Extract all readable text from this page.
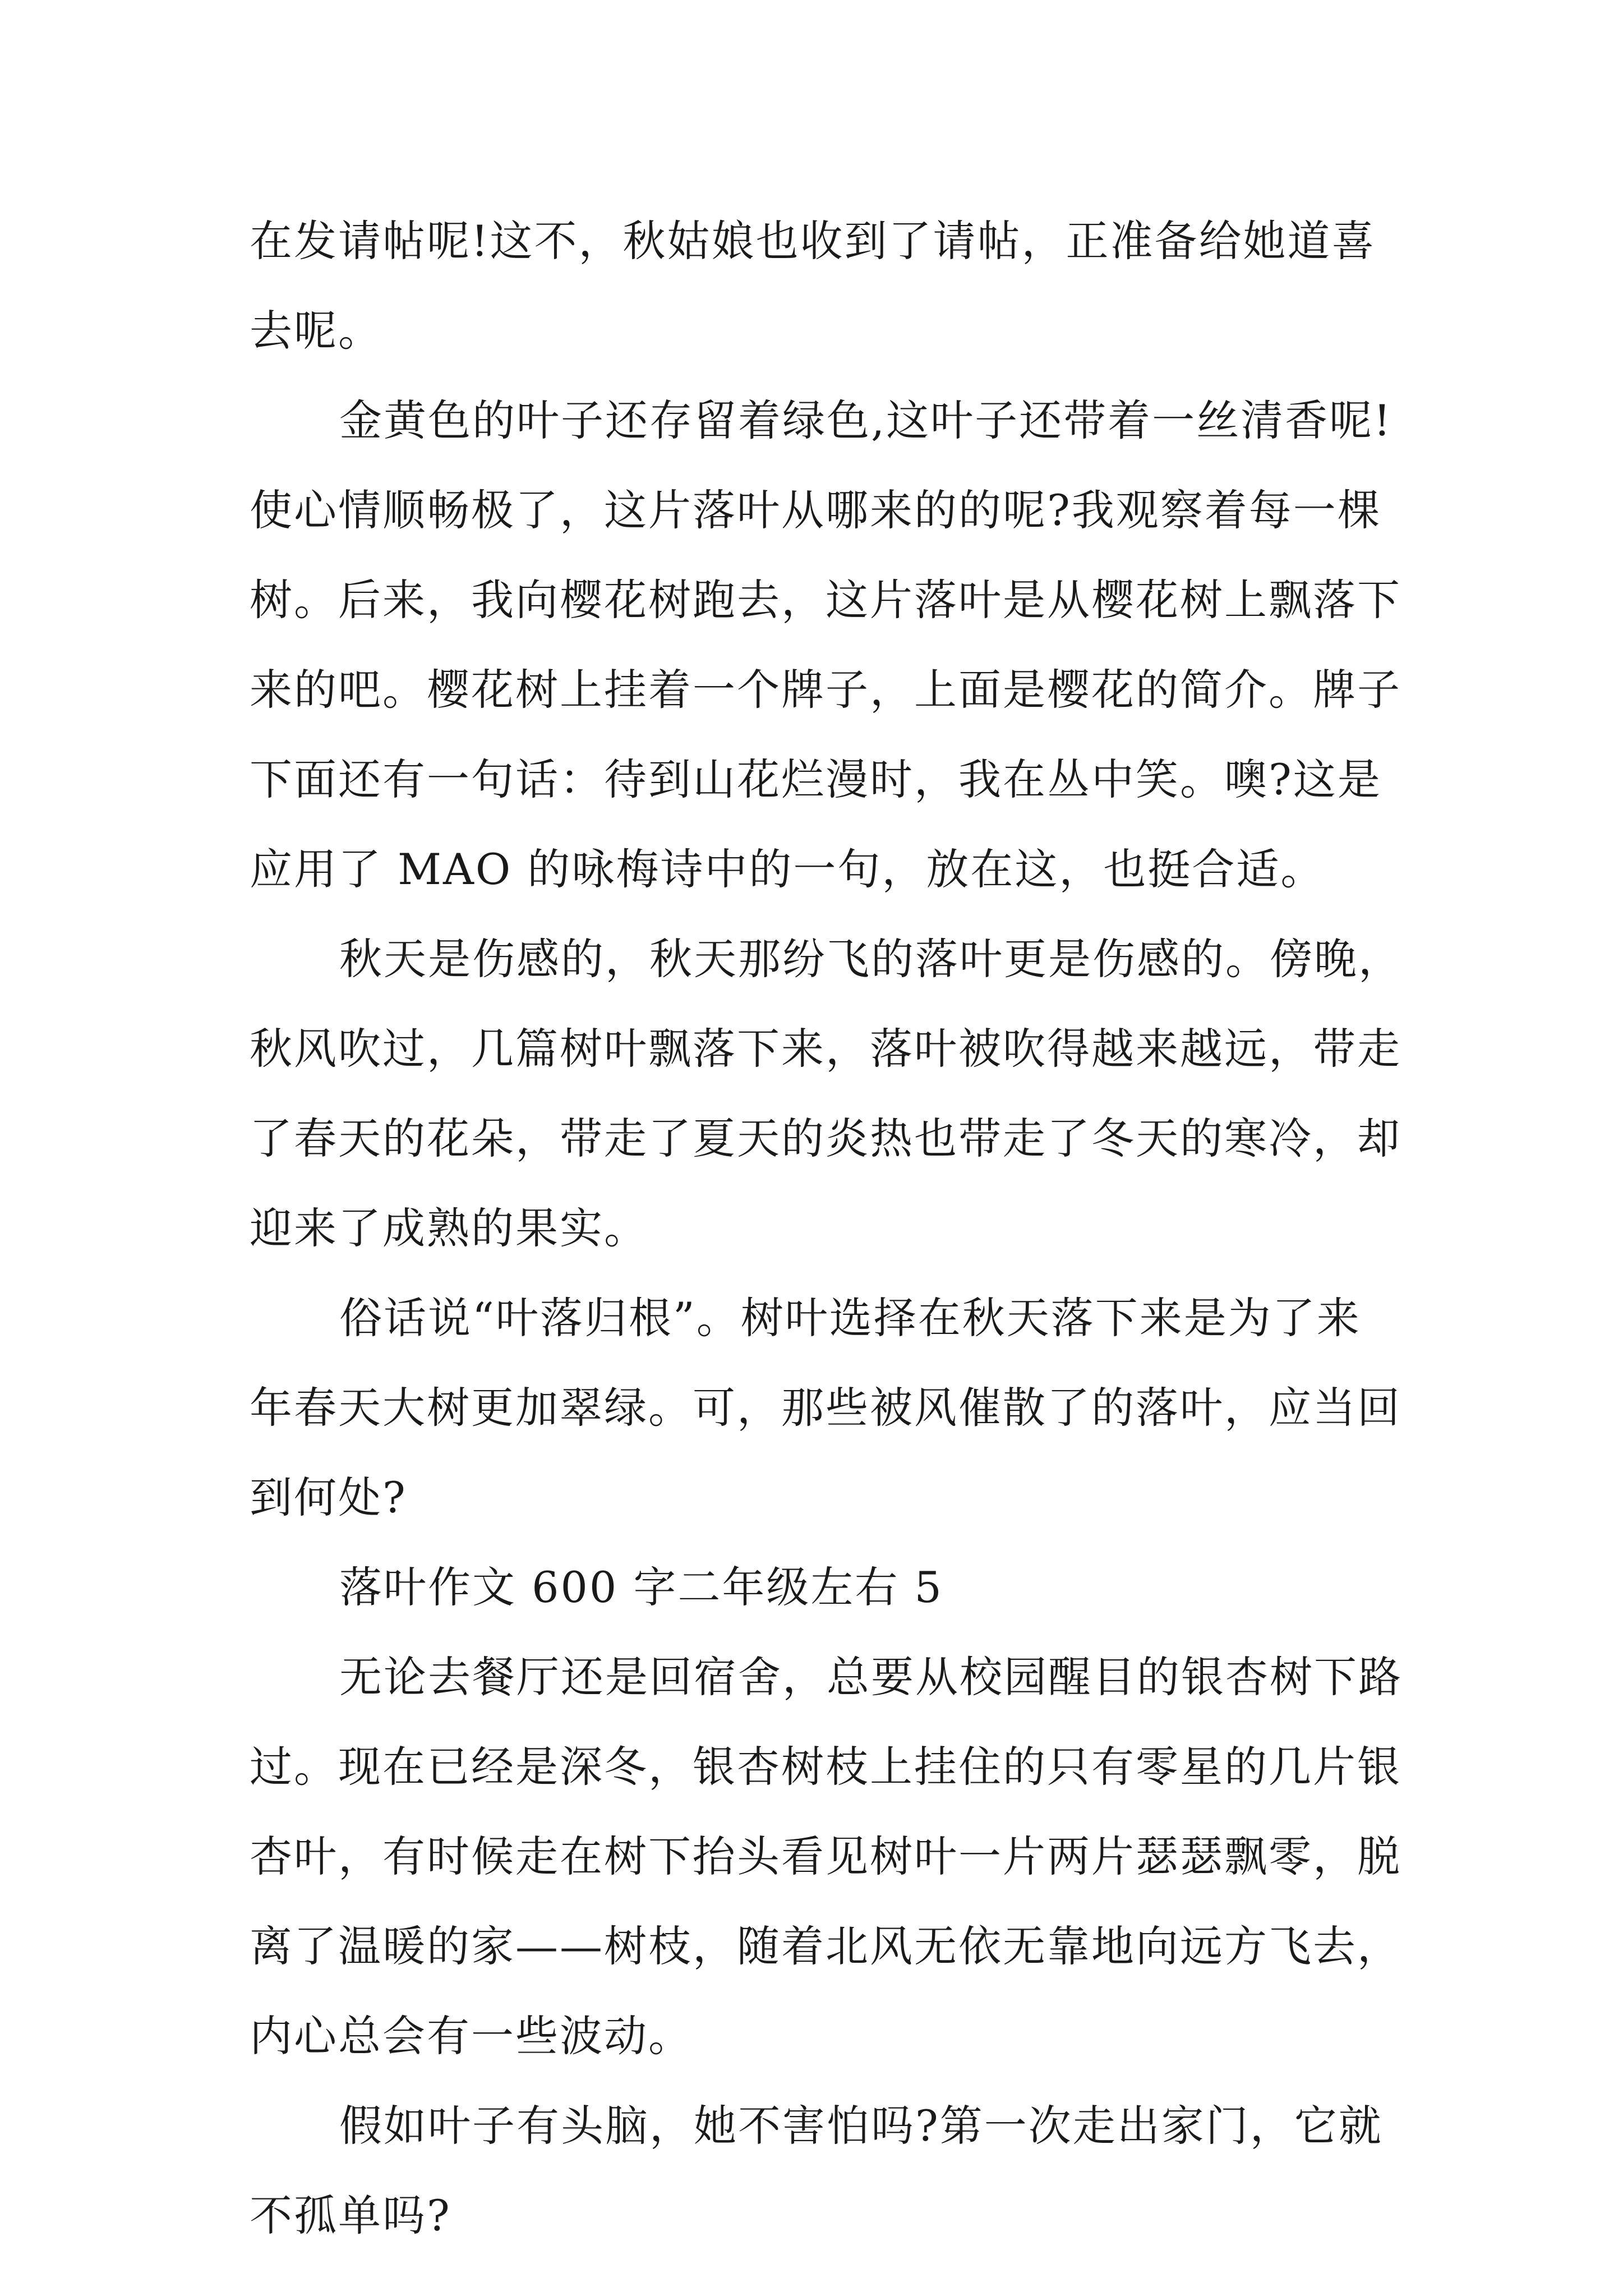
在发请帖呢!这不，秋姑娘也收到了请帖，正准备给她道喜
去呢。
金黄色的叶子还存留着绿色,这叶子还带着一丝清香呢!
使心情顺畅极了，这片落叶从哪来的的呢?我观察着每一棵
树。后来，我向樱花树跑去，这片落叶是从樱花树上飘落下
来的吧。樱花树上挂着一个牌子，上面是樱花的简介。牌子
下面还有一句话：待到山花烂漫时，我在丛中笑。噢?这是
应用了 MAO 的咏梅诗中的一句，放在这，也挺合适。
秋天是伤感的，秋天那纷飞的落叶更是伤感的。傍晚，
秋风吹过，几篇树叶飘落下来，落叶被吹得越来越远，带走
了春天的花朵，带走了夏天的炎热也带走了冬天的寒冷，却
迎来了成熟的果实。
俗话说“叶落归根”。树叶选择在秋天落下来是为了来
年春天大树更加翠绿。可，那些被风催散了的落叶，应当回
到何处?
落叶作文 600 字二年级左右 5
无论去餐厅还是回宿舍，总要从校园醒目的银杏树下路
过。现在已经是深冬，银杏树枝上挂住的只有零星的几片银
杏叶，有时候走在树下抬头看见树叶一片两片瑟瑟飘零，脱
离了温暖的家——树枝，随着北风无依无靠地向远方飞去，
内心总会有一些波动。
假如叶子有头脑，她不害怕吗?第一次走出家门，它就
不孤单吗?
